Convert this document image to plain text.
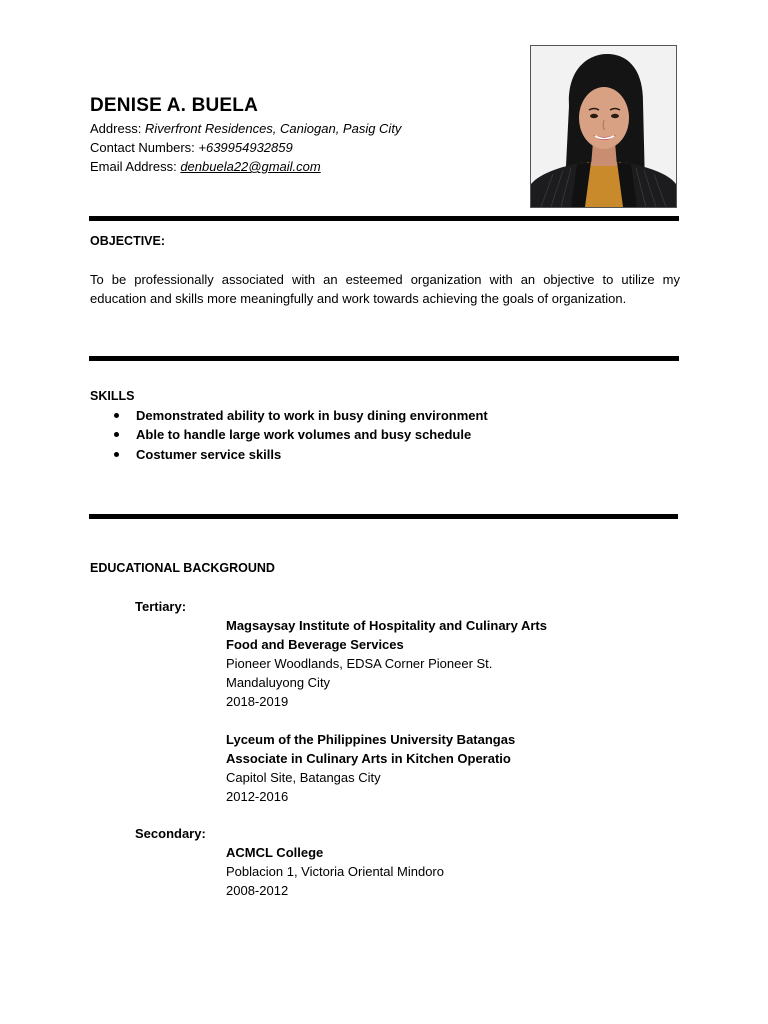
DENISE A. BUELA
Address: Riverfront Residences, Caniogan, Pasig City
Contact Numbers: +639954932859
Email Address: denbuela22@gmail.com
OBJECTIVE:
To be professionally associated with an esteemed organization with an objective to utilize my education and skills more meaningfully and work towards achieving the goals of organization.
SKILLS
Demonstrated ability to work in busy dining environment
Able to handle large work volumes and busy schedule
Costumer service skills
EDUCATIONAL BACKGROUND
Tertiary:
Magsaysay Institute of Hospitality and Culinary Arts
Food and Beverage Services
Pioneer Woodlands, EDSA Corner Pioneer St.
Mandaluyong City
2018-2019
Lyceum of the Philippines University Batangas
Associate in Culinary Arts in Kitchen Operatio
Capitol Site, Batangas City
2012-2016
Secondary:
ACMCL College
Poblacion 1, Victoria Oriental Mindoro
2008-2012
